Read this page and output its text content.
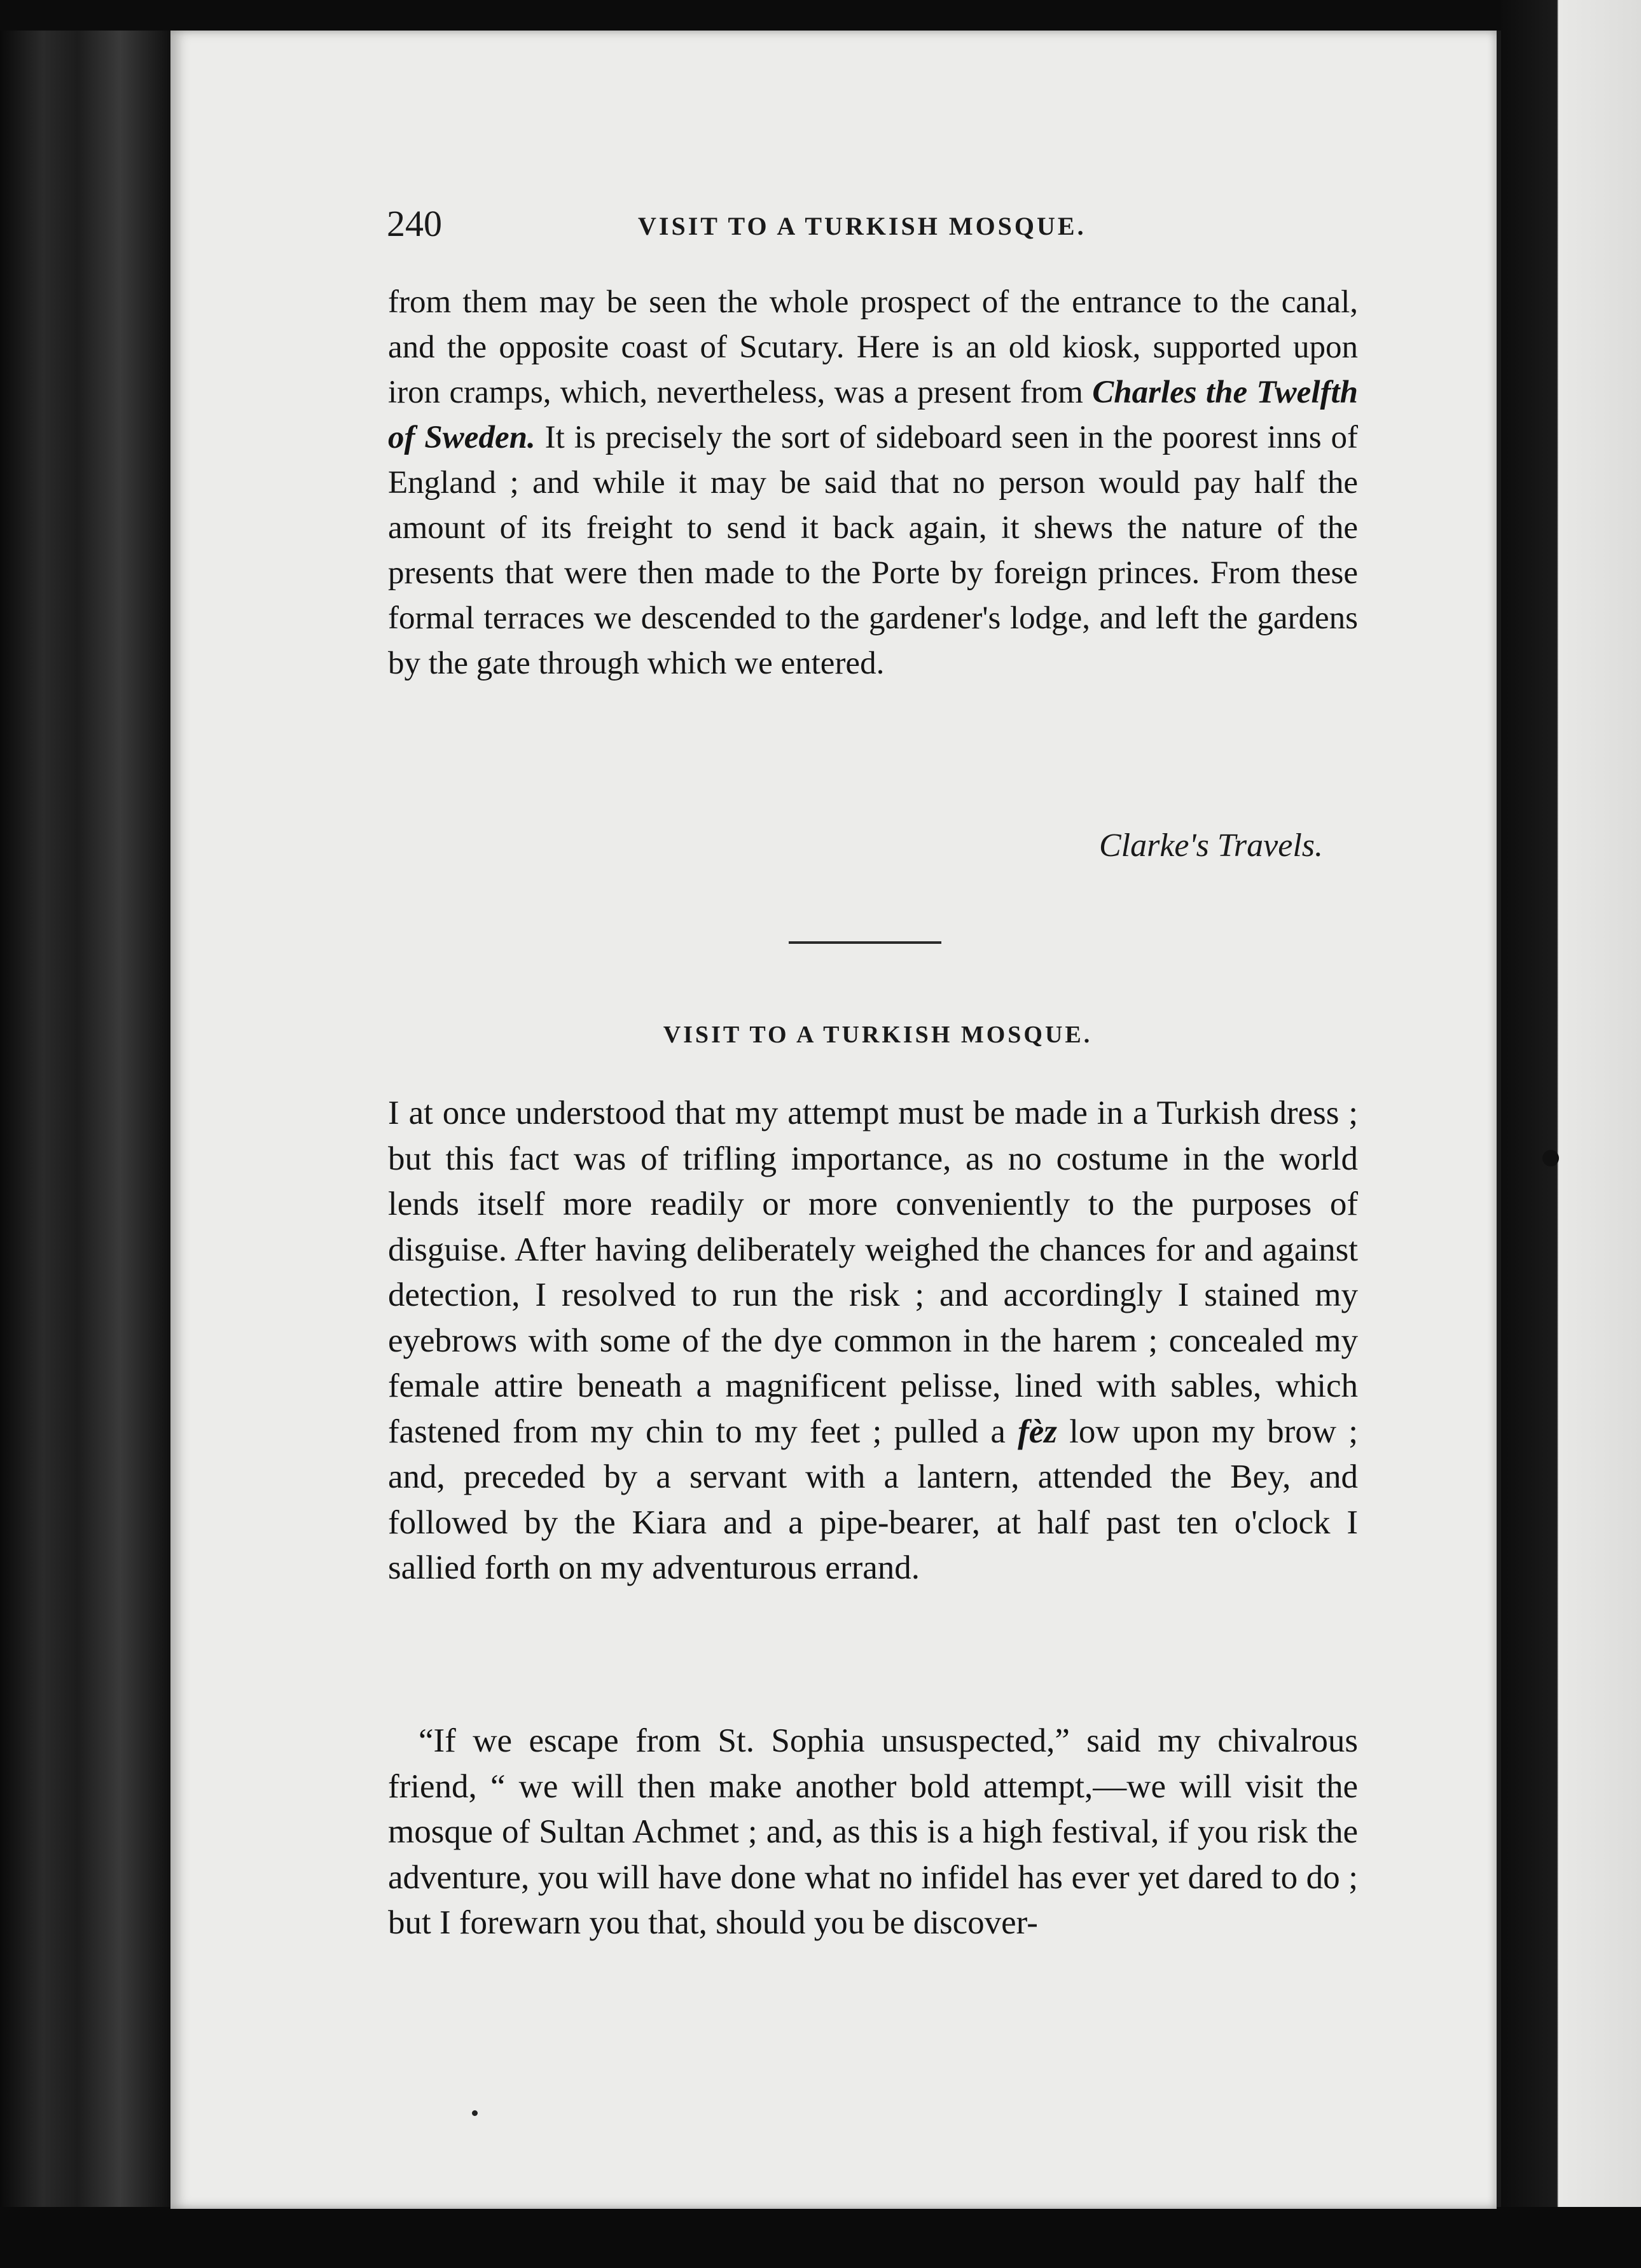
240	VISIT TO A TURKISH MOSQUE.

from them may be seen the whole prospect of the entrance to the canal, and the opposite coast of Scutary. Here is an old kiosk, supported upon iron cramps, which, nevertheless, was a present from Charles the Twelfth of Sweden. It is precisely the sort of sideboard seen in the poorest inns of England ; and while it may be said that no person would pay half the amount of its freight to send it back again, it shews the nature of the presents that were then made to the Porte by foreign princes. From these formal terraces we descended to the gardener's lodge, and left the gardens by the gate through which we entered.

Clarke's Travels.
VISIT TO A TURKISH MOSQUE.

I at once understood that my attempt must be made in a Turkish dress ; but this fact was of trifling importance, as no costume in the world lends itself more readily or more conveniently to the purposes of disguise. After having deliberately weighed the chances for and against detection, I resolved to run the risk ; and accordingly I stained my eyebrows with some of the dye common in the harem ; concealed my female attire beneath a magnificent pelisse, lined with sables, which fastened from my chin to my feet ; pulled a fèz low upon my brow ; and, preceded by a servant with a lantern, attended the Bey, and followed by the Kiara and a pipe-bearer, at half past ten o'clock I sallied forth on my adventurous errand.

“If we escape from St. Sophia unsuspected,” said my chivalrous friend, “ we will then make another bold attempt,—we will visit the mosque of Sultan Achmet ; and, as this is a high festival, if you risk the adventure, you will have done what no infidel has ever yet dared to do ; but I forewarn you that, should you be discover-
